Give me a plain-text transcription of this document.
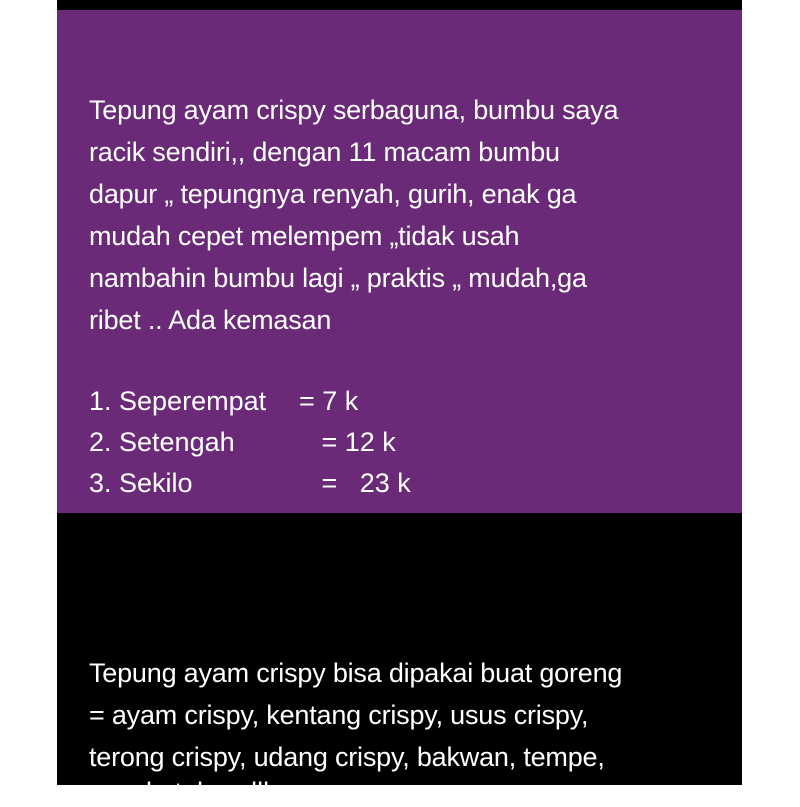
Tepung ayam crispy serbaguna, bumbu saya
racik sendiri,, dengan 11 macam bumbu
dapur „ tepungnya renyah, gurih, enak ga
mudah cepet melempem „tidak usah
nambahin bumbu lagi „ praktis „ mudah,ga
ribet .. Ada kemasan

1. Seperempat	= 7 k
2. Setengah	= 12 k
3. Sekilo	=   23 k

Tepung ayam crispy bisa dipakai buat goreng
= ayam crispy, kentang crispy, usus crispy,
terong crispy, udang crispy, bakwan, tempe,

cecak, tahu, dll
